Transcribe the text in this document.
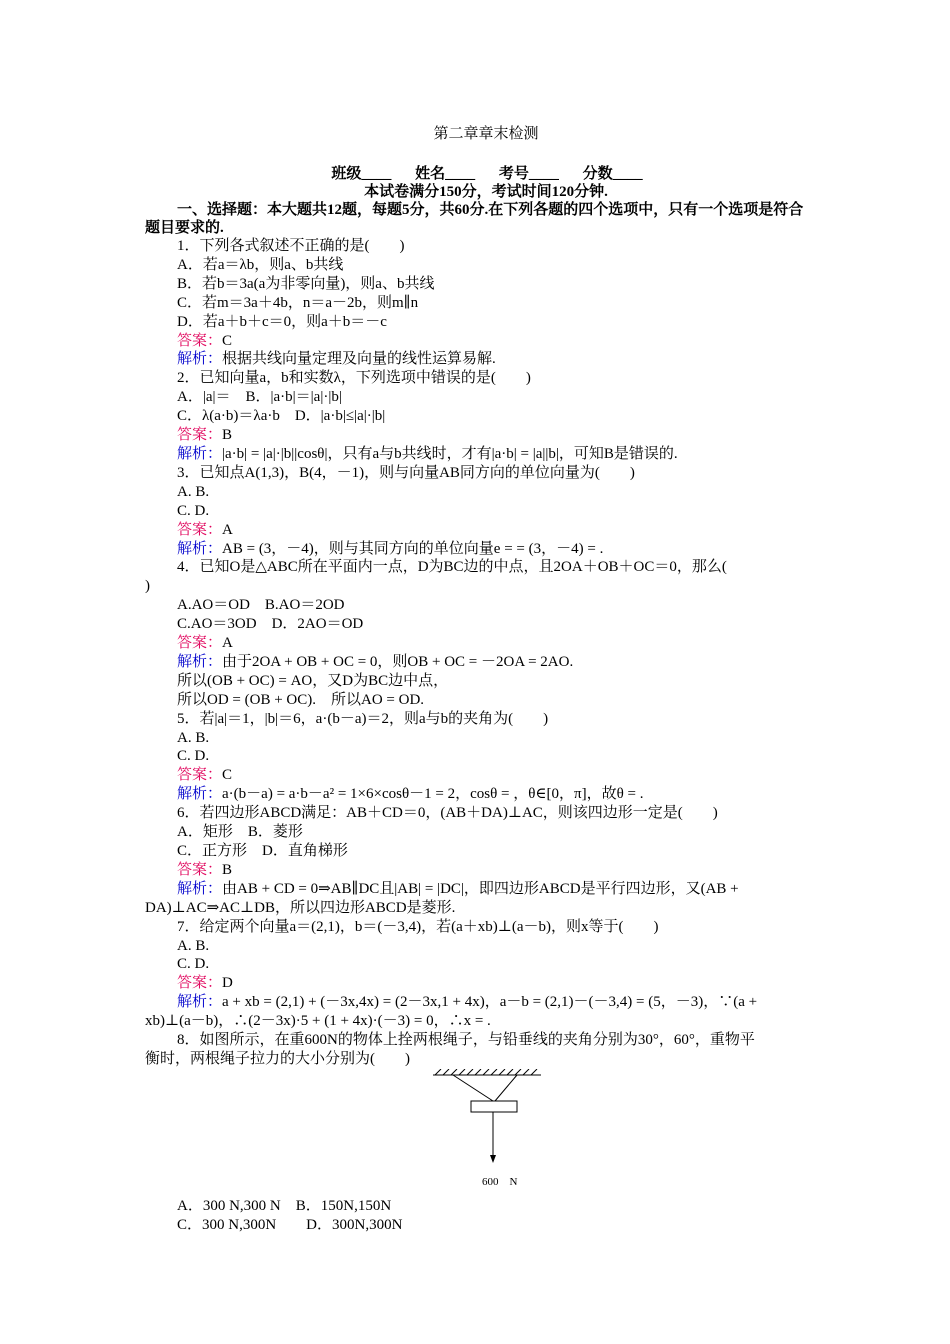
第二章章末检测
班级____ 姓名____ 考号____ 分数____
本试卷满分150分，考试时间120分钟.
一、选择题：本大题共12题，每题5分，共60分.在下列各题的四个选项中，只有一个选项是符合题目要求的.
1．下列各式叙述不正确的是(　　)
A．若a＝λb，则a、b共线
B．若b＝3a(a为非零向量)，则a、b共线
C．若m＝3a＋4b，n＝a－2b，则m∥n
D．若a＋b＋c＝0，则a＋b＝－c
答案：C
解析：根据共线向量定理及向量的线性运算易解.
2．已知向量a，b和实数λ，下列选项中错误的是(　　)
A．|a|＝　B．|a·b|＝|a|·|b|
C．λ(a·b)＝λa·b　D．|a·b|≤|a|·|b|
答案：B
解析：|a·b| = |a|·|b||cosθ|，只有a与b共线时，才有|a·b| = |a||b|，可知B是错误的.
3．已知点A(1,3)，B(4，－1)，则与向量AB同方向的单位向量为(　　)
A. B.
C. D.
答案：A
解析：AB = (3，－4)，则与其同方向的单位向量e = = (3，－4) = .
4．已知O是△ABC所在平面内一点，D为BC边的中点，且2OA＋OB＋OC＝0，那么(
)
A.AO＝OD　B.AO＝2OD
C.AO＝3OD　D．2AO＝OD
答案：A
解析：由于2OA + OB + OC = 0，则OB + OC = －2OA = 2AO.
所以(OB + OC) = AO，又D为BC边中点，
所以OD = (OB + OC).　所以AO = OD.
5．若|a|＝1，|b|＝6，a·(b－a)＝2，则a与b的夹角为(　　)
A. B.
C. D.
答案：C
解析：a·(b－a) = a·b－a² = 1×6×cosθ－1 = 2，cosθ = ，θ∈[0，π]，故θ = .
6．若四边形ABCD满足：AB＋CD＝0，(AB＋DA)⊥AC，则该四边形一定是(　　)
A．矩形　B．菱形
C．正方形　D．直角梯形
答案：B
解析：由AB + CD = 0⇒AB∥DC且|AB| = |DC|，即四边形ABCD是平行四边形，又(AB +
DA)⊥AC⇒AC⊥DB，所以四边形ABCD是菱形.
7．给定两个向量a＝(2,1)，b＝(－3,4)，若(a＋xb)⊥(a－b)，则x等于(　　)
A. B.
C. D.
答案：D
解析：a + xb = (2,1) + (－3x,4x) = (2－3x,1 + 4x)，a－b = (2,1)－(－3,4) = (5，－3)，∵(a +
xb)⊥(a－b)，∴(2－3x)·5 + (1 + 4x)·(－3) = 0，∴x = .
8．如图所示，在重600N的物体上拴两根绳子，与铅垂线的夹角分别为30°，60°，重物平
衡时，两根绳子拉力的大小分别为(　　)
600　N
A．300 N,300 N　B．150N,150N
C．300 N,300N　　D．300N,300N
